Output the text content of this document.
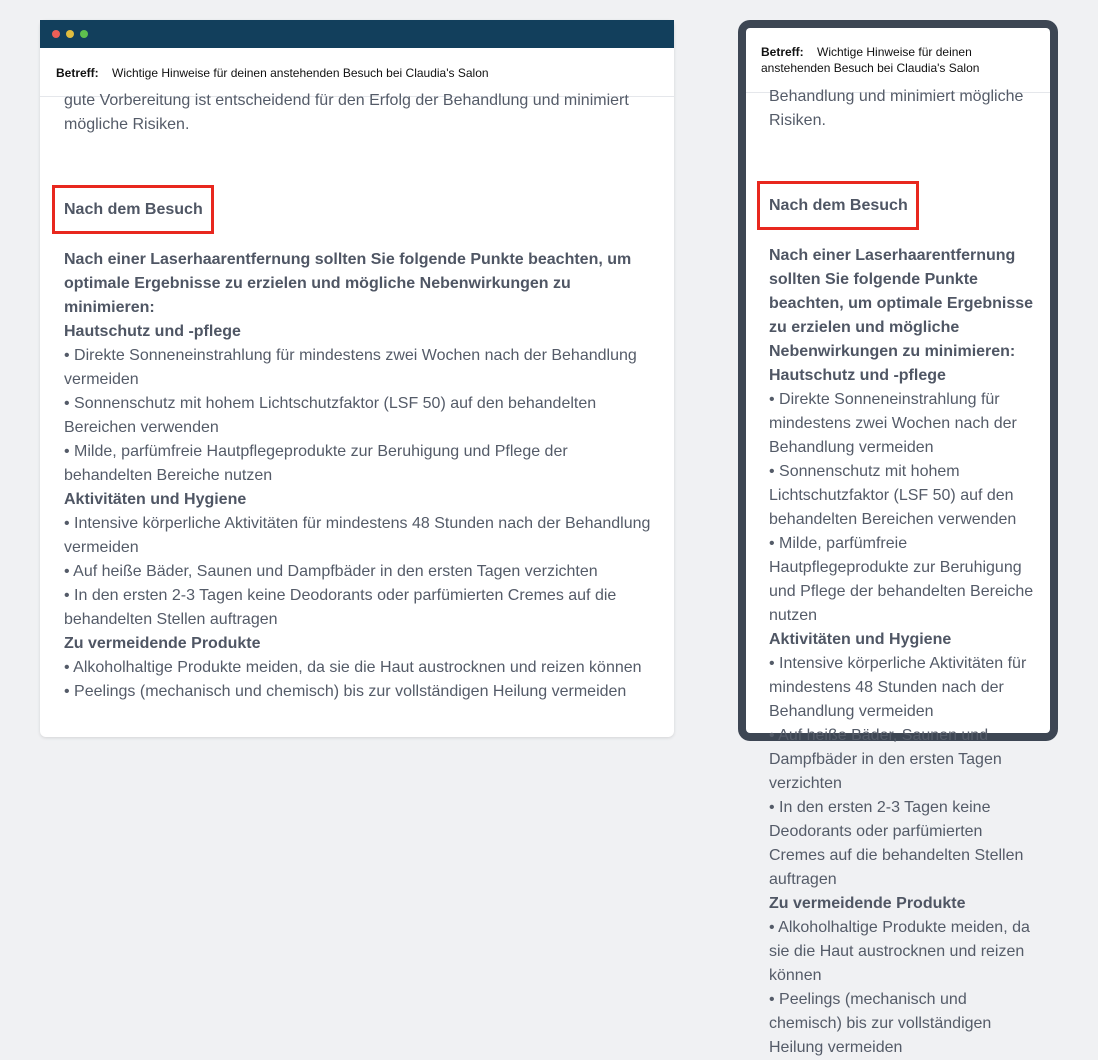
Betreff: Wichtige Hinweise für deinen anstehenden Besuch bei Claudia's Salon

gute Vorbereitung ist entscheidend für den Erfolg der Behandlung und minimiert mögliche Risiken.

Nach dem Besuch

Nach einer Laserhaarentfernung sollten Sie folgende Punkte beachten, um optimale Ergebnisse zu erzielen und mögliche Nebenwirkungen zu minimieren:

Hautschutz und -pflege

• Direkte Sonneneinstrahlung für mindestens zwei Wochen nach der Behandlung vermeiden

• Sonnenschutz mit hohem Lichtschutzfaktor (LSF 50) auf den behandelten Bereichen verwenden

• Milde, parfümfreie Hautpflegeprodukte zur Beruhigung und Pflege der behandelten Bereiche nutzen

Aktivitäten und Hygiene

• Intensive körperliche Aktivitäten für mindestens 48 Stunden nach der Behandlung vermeiden

• Auf heiße Bäder, Saunen und Dampfbäder in den ersten Tagen verzichten

• In den ersten 2-3 Tagen keine Deodorants oder parfümierten Cremes auf die behandelten Stellen auftragen

Zu vermeidende Produkte

• Alkoholhaltige Produkte meiden, da sie die Haut austrocknen und reizen können

• Peelings (mechanisch und chemisch) bis zur vollständigen Heilung vermeiden

Betreff: Wichtige Hinweise für deinen anstehenden Besuch bei Claudia's Salon

Behandlung und minimiert mögliche Risiken.

Nach dem Besuch

Nach einer Laserhaarentfernung sollten Sie folgende Punkte beachten, um optimale Ergebnisse zu erzielen und mögliche Nebenwirkungen zu minimieren:

Hautschutz und -pflege

• Direkte Sonneneinstrahlung für mindestens zwei Wochen nach der Behandlung vermeiden

• Sonnenschutz mit hohem Lichtschutzfaktor (LSF 50) auf den behandelten Bereichen verwenden

• Milde, parfümfreie Hautpflegeprodukte zur Beruhigung und Pflege der behandelten Bereiche nutzen

Aktivitäten und Hygiene

• Intensive körperliche Aktivitäten für mindestens 48 Stunden nach der Behandlung vermeiden

• Auf heiße Bäder, Saunen und Dampfbäder in den ersten Tagen verzichten

• In den ersten 2-3 Tagen keine Deodorants oder parfümierten Cremes auf die behandelten Stellen auftragen

Zu vermeidende Produkte

• Alkoholhaltige Produkte meiden, da sie die Haut austrocknen und reizen können

• Peelings (mechanisch und chemisch) bis zur vollständigen Heilung vermeiden
